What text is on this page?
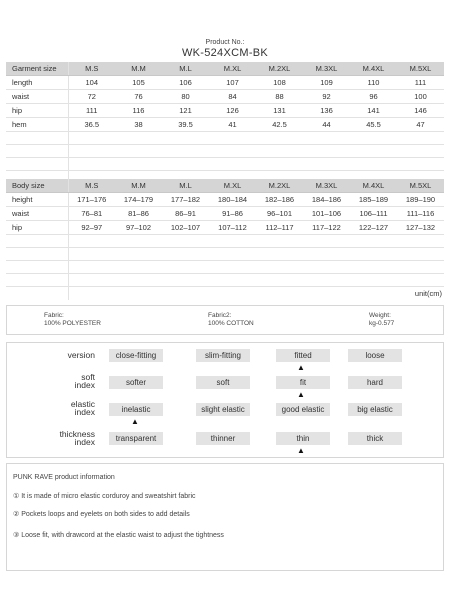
Product No.:
WK-524XCM-BK
Garment size	M.S	M.M	M.L	M.XL	M.2XL	M.3XL	M.4XL	M.5XL
length	104	105	106	107	108	109	110	111
waist	72	76	80	84	88	92	96	100
hip	111	116	121	126	131	136	141	146
hem	36.5	38	39.5	41	42.5	44	45.5	47

Body size	M.S	M.M	M.L	M.XL	M.2XL	M.3XL	M.4XL	M.5XL
height	171–176	174–179	177–182	180–184	182–186	184–186	185–189	189–190
waist	76–81	81–86	86–91	91–86	96–101	101–106	106–111	111–116
hip	92–97	97–102	102–107	107–112	112–117	117–122	122–127	127–132

	unit(cm)							
Fabric:
100% POLYESTER
Fabric2:
100% COTTON
Weight:
kg-0.577
version	close-fitting	slim-fitting	fitted	loose
▲
soft
index	softer	soft	fit	hard
▲
elastic
index	inelastic	slight elastic	good elastic	big elastic
▲
thickness
index	transparent	thinner	thin	thick
▲
PUNK RAVE product information
① It is made of micro elastic corduroy and sweatshirt fabric
② Pockets loops and eyelets on both sides to add details
③ Loose fit, with drawcord at the elastic waist to adjust the tightness
